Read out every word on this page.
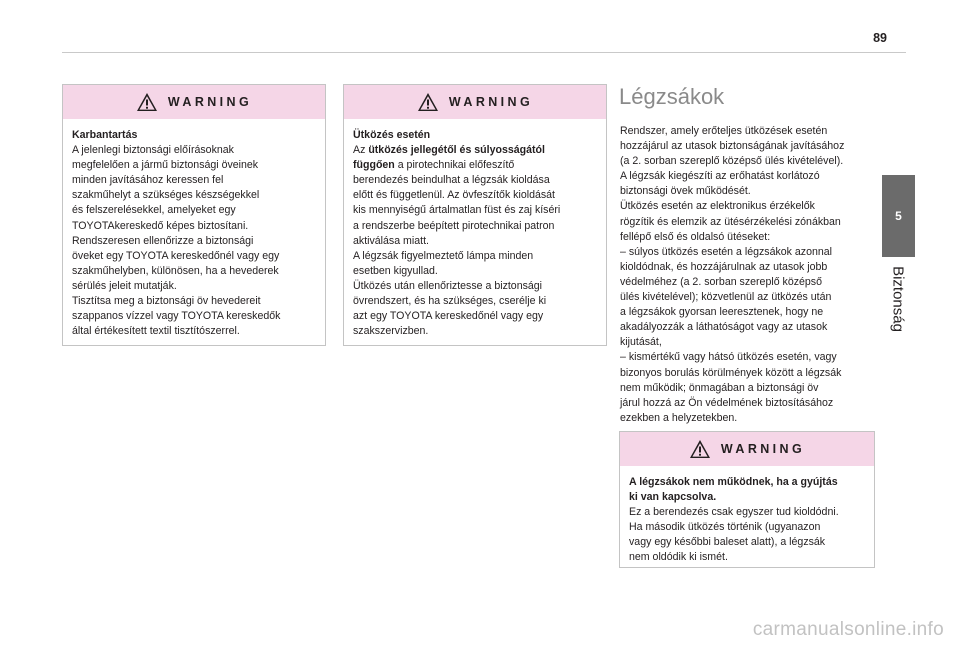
89
5
Biztonság
WARNING

Karbantartás

A jelenlegi biztonsági előírásoknak
megfelelően a jármű biztonsági öveinek
minden javításához keressen fel
szakműhelyt a szükséges készségekkel
és felszerelésekkel, amelyeket egy
TOYOTAkereskedő képes biztosítani.
Rendszeresen ellenőrizze a biztonsági
öveket egy TOYOTA kereskedőnél vagy egy
szakműhelyben, különösen, ha a hevederek
sérülés jeleit mutatják.
Tisztítsa meg a biztonsági öv hevedereit
szappanos vízzel vagy TOYOTA kereskedők
által értékesített textil tisztítószerrel.

WARNING

Ütközés esetén

Az ütközés jellegétől és súlyosságától

függően a pirotechnikai előfeszítő

berendezés beindulhat a légzsák kioldása
előtt és függetlenül. Az övfeszítők kioldását
kis mennyiségű ártalmatlan füst és zaj kíséri
a rendszerbe beépített pirotechnikai patron
aktiválása miatt.
A légzsák figyelmeztető lámpa minden
esetben kigyullad.
Ütközés után ellenőriztesse a biztonsági
övrendszert, és ha szükséges, cserélje ki
azt egy TOYOTA kereskedőnél vagy egy
szakszervizben.

Légzsákok
Rendszer, amely erőteljes ütközések esetén
hozzájárul az utasok biztonságának javításához
(a 2. sorban szereplő középső ülés kivételével).
A légzsák kiegészíti az erőhatást korlátozó
biztonsági övek működését.
Ütközés esetén az elektronikus érzékelők
rögzítik és elemzik az ütésérzékelési zónákban
fellépő első és oldalsó ütéseket:
– súlyos ütközés esetén a légzsákok azonnal
kioldódnak, és hozzájárulnak az utasok jobb
védelméhez (a 2. sorban szereplő középső
ülés kivételével); közvetlenül az ütközés után
a légzsákok gyorsan leeresztenek, hogy ne
akadályozzák a láthatóságot vagy az utasok
kijutását,
– kismértékű vagy hátsó ütközés esetén, vagy
bizonyos borulás körülmények között a légzsák
nem működik; önmagában a biztonsági öv
járul hozzá az Ön védelmének biztosításához
ezekben a helyzetekben.
WARNING

A légzsákok nem működnek, ha a gyújtás

ki van kapcsolva.

Ez a berendezés csak egyszer tud kioldódni.
Ha második ütközés történik (ugyanazon
vagy egy későbbi baleset alatt), a légzsák
nem oldódik ki ismét.

carmanualsonline.info
